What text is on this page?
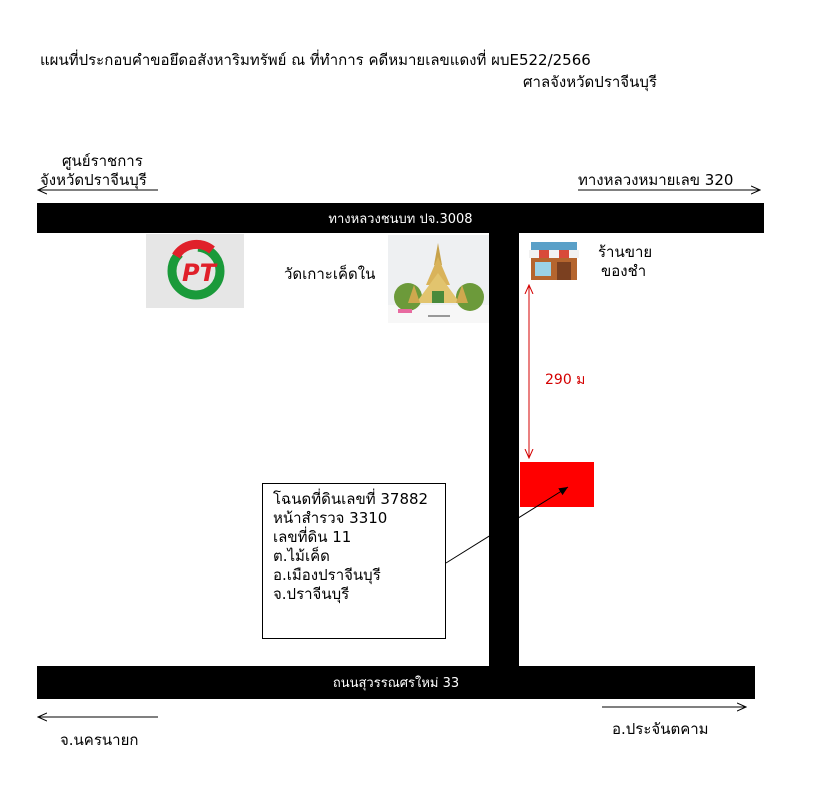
แผนที่ประกอบคำขอยึดอสังหาริมทรัพย์ ณ ที่ทำการ คดีหมายเลขแดงที่ ผบE522/2566
ศาลจังหวัดปราจีนบุรี
ศูนย์ราชการ
จังหวัดปราจีนบุรี	ทางหลวงหมายเลข 320
จ.นครนายก
อ.ประจันตคาม
ทางหลวงชนบท ปจ.3008
ทางหลวงหมายเลข 3079
ถนนสุวรรณศรใหม่ 33
PT	วัดเกาะเค็ดใน
ร้านขาย
ของชำ
290 ม
โฉนดที่ดินเลขที่ 37882
หน้าสำรวจ 3310
เลขที่ดิน 11
ต.ไม้เค็ด
อ.เมืองปราจีนบุรี
จ.ปราจีนบุรี
